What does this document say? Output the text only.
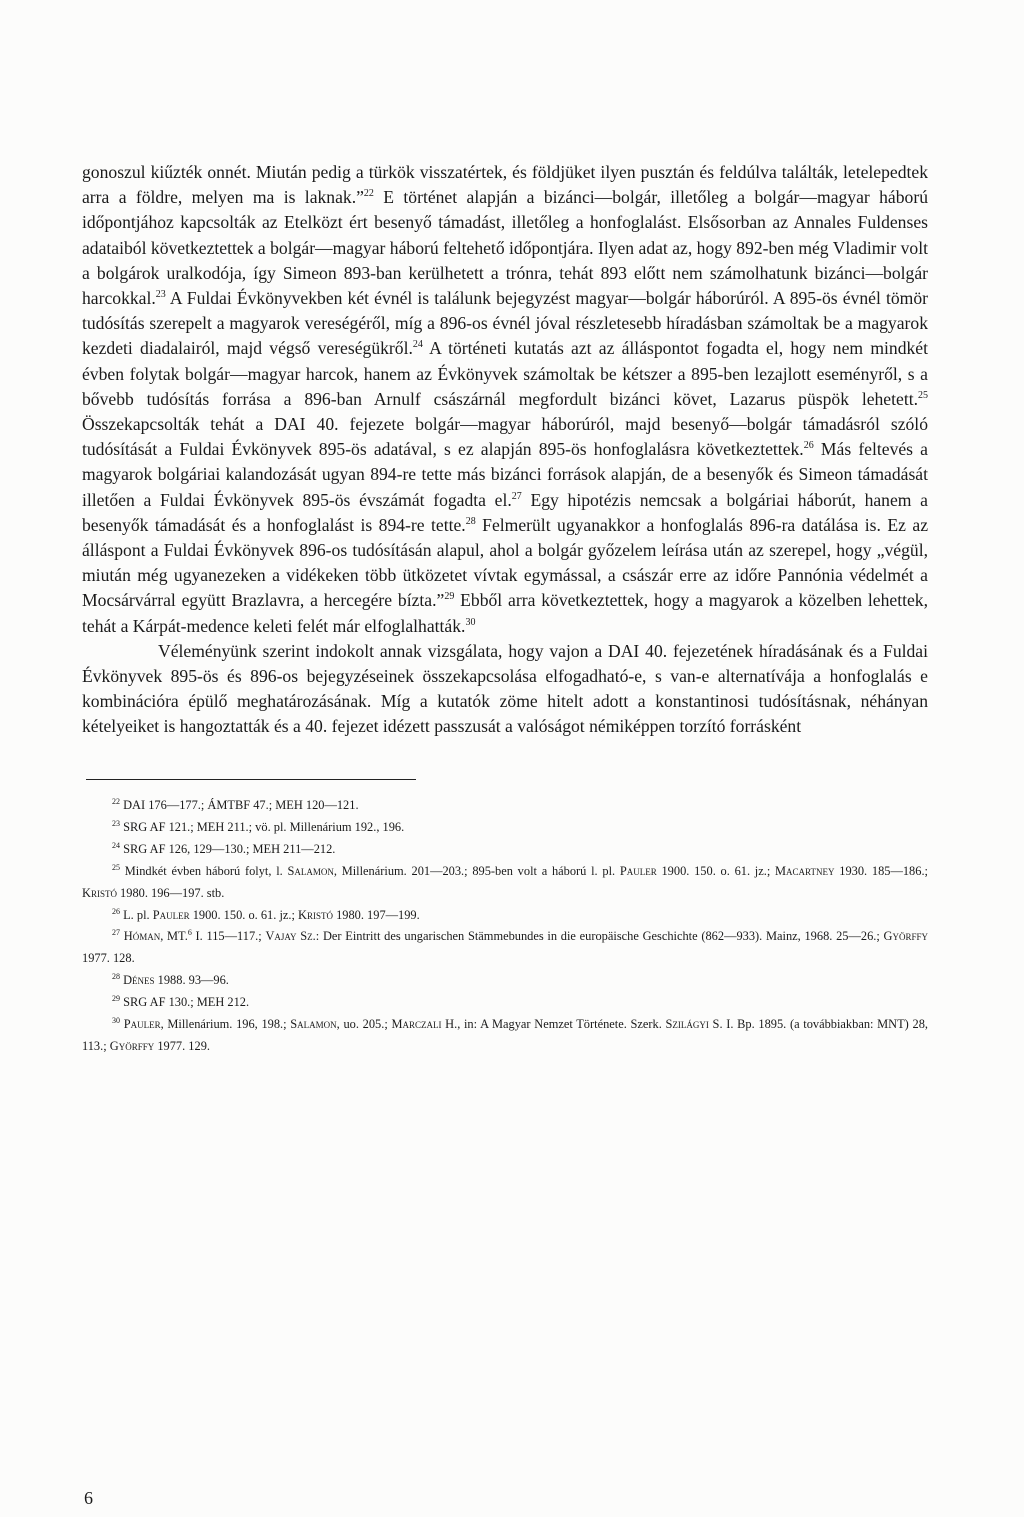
gonoszul kiűzték onnét. Miután pedig a türkök visszatértek, és földjüket ilyen pusztán és feldúlva találták, letelepedtek arra a földre, melyen ma is laknak.”$^{22}$ E történet alapján a bizánci—bolgár, illetőleg a bolgár—magyar háború időpontjához kapcsolták az Etelközt ért besenyő támadást, illetőleg a honfoglalást. Elsősorban az Annales Fuldenses adataiból következtettek a bolgár—magyar háború feltehető időpontjára. Ilyen adat az, hogy 892-ben még Vladimir volt a bolgárok uralkodója, így Simeon 893-ban kerülhetett a trónra, tehát 893 előtt nem számolhatunk bizánci—bolgár harcokkal.$^{23}$ A Fuldai Évkönyvekben két évnél is találunk bejegyzést magyar—bolgár háborúról. A 895-ös évnél tömör tudósítás szerepelt a magyarok vereségéről, míg a 896-os évnél jóval részletesebb híradásban számoltak be a magyarok kezdeti diadalairól, majd végső vereségükről.$^{24}$ A történeti kutatás azt az álláspontot fogadta el, hogy nem mindkét évben folytak bolgár—magyar harcok, hanem az Évkönyvek számoltak be kétszer a 895-ben lezajlott eseményről, s a bővebb tudósítás forrása a 896-ban Arnulf császárnál megfordult bizánci követ, Lazarus püspök lehetett.$^{25}$ Összekapcsolták tehát a DAI 40. fejezete bolgár—magyar háborúról, majd besenyő—bolgár támadásról szóló tudósítását a Fuldai Évkönyvek 895-ös adatával, s ez alapján 895-ös honfoglalásra következtettek.$^{26}$ Más feltevés a magyarok bolgáriai kalandozását ugyan 894-re tette más bizánci források alapján, de a besenyők és Simeon támadását illetően a Fuldai Évkönyvek 895-ös évszámát fogadta el.$^{27}$ Egy hipotézis nemcsak a bolgáriai háborút, hanem a besenyők támadását és a honfoglalást is 894-re tette.$^{28}$ Felmerült ugyanakkor a honfoglalás 896-ra datálása is. Ez az álláspont a Fuldai Évkönyvek 896-os tudósításán alapul, ahol a bolgár győzelem leírása után az szerepel, hogy „végül, miután még ugyanezeken a vidékeken több ütközetet vívtak egymással, a császár erre az időre Pannónia védelmét a Mocsárvárral együtt Brazlavra, a hercegére bízta.”$^{29}$ Ebből arra következtettek, hogy a magyarok a közelben lehettek, tehát a Kárpát-medence keleti felét már elfoglalhatták.$^{30}$

Véleményünk szerint indokolt annak vizsgálata, hogy vajon a DAI 40. fejezetének híradásának és a Fuldai Évkönyvek 895-ös és 896-os bejegyzéseinek összekapcsolása elfogadható-e, s van-e alternatívája a honfoglalás e kombinációra épülő meghatározásának. Míg a kutatók zöme hitelt adott a konstantinosi tudósításnak, néhányan kételyeiket is hangoztatták és a 40. fejezet idézett passzusát a valóságot némiképpen torzító forrásként

$^{22}$ DAI 176—177.; ÁMTBF 47.; MEH 120—121.

$^{23}$ SRG AF 121.; MEH 211.; vö. pl. Millenárium 192., 196.

$^{24}$ SRG AF 126, 129—130.; MEH 211—212.

$^{25}$ Mindkét évben háború folyt, l. Salamon, Millenárium. 201—203.; 895-ben volt a háború l. pl. Pauler 1900. 150. o. 61. jz.; Macartney 1930. 185—186.; Kristó 1980. 196—197. stb.

$^{26}$ L. pl. Pauler 1900. 150. o. 61. jz.; Kristó 1980. 197—199.

$^{27}$ Hóman, MT.$^6$ I. 115—117.; Vajay Sz.: Der Eintritt des ungarischen Stämmebundes in die europäische Geschichte (862—933). Mainz, 1968. 25—26.; Györffy 1977. 128.

$^{28}$ Dénes 1988. 93—96.

$^{29}$ SRG AF 130.; MEH 212.

$^{30}$ Pauler, Millenárium. 196, 198.; Salamon, uo. 205.; Marczali H., in: A Magyar Nemzet Története. Szerk. Szilágyi S. I. Bp. 1895. (a továbbiakban: MNT) 28, 113.; Györffy 1977. 129.

6
